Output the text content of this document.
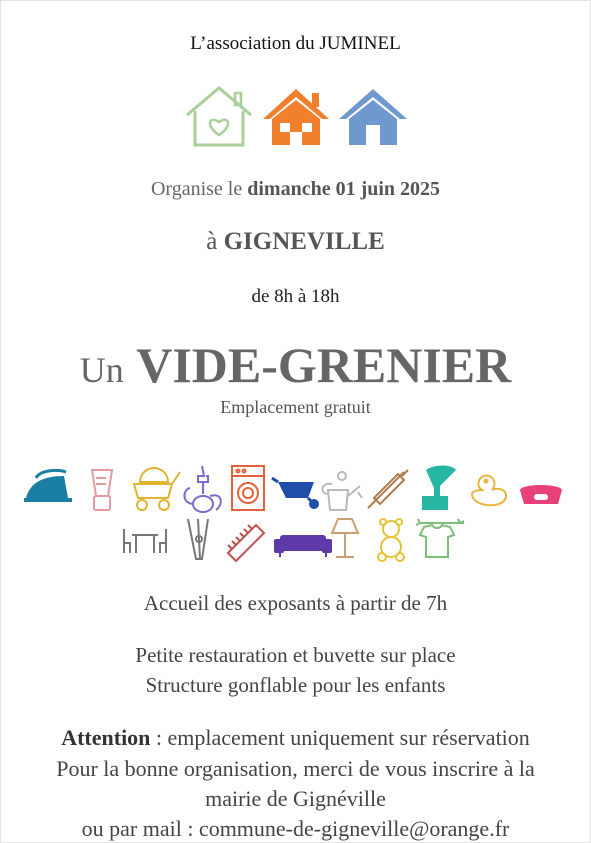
L’association du JUMINEL
Organise le dimanche 01 juin 2025
à GIGNEVILLE
de 8h à 18h
Un VIDE-GRENIER
Emplacement gratuit
Accueil des exposants à partir de 7h
Petite restauration et buvette sur place
Structure gonflable pour les enfants
Attention : emplacement uniquement sur réservation
Pour la bonne organisation, merci de vous inscrire à la
mairie de Gignéville
ou par mail : commune-de-gigneville@orange.fr
